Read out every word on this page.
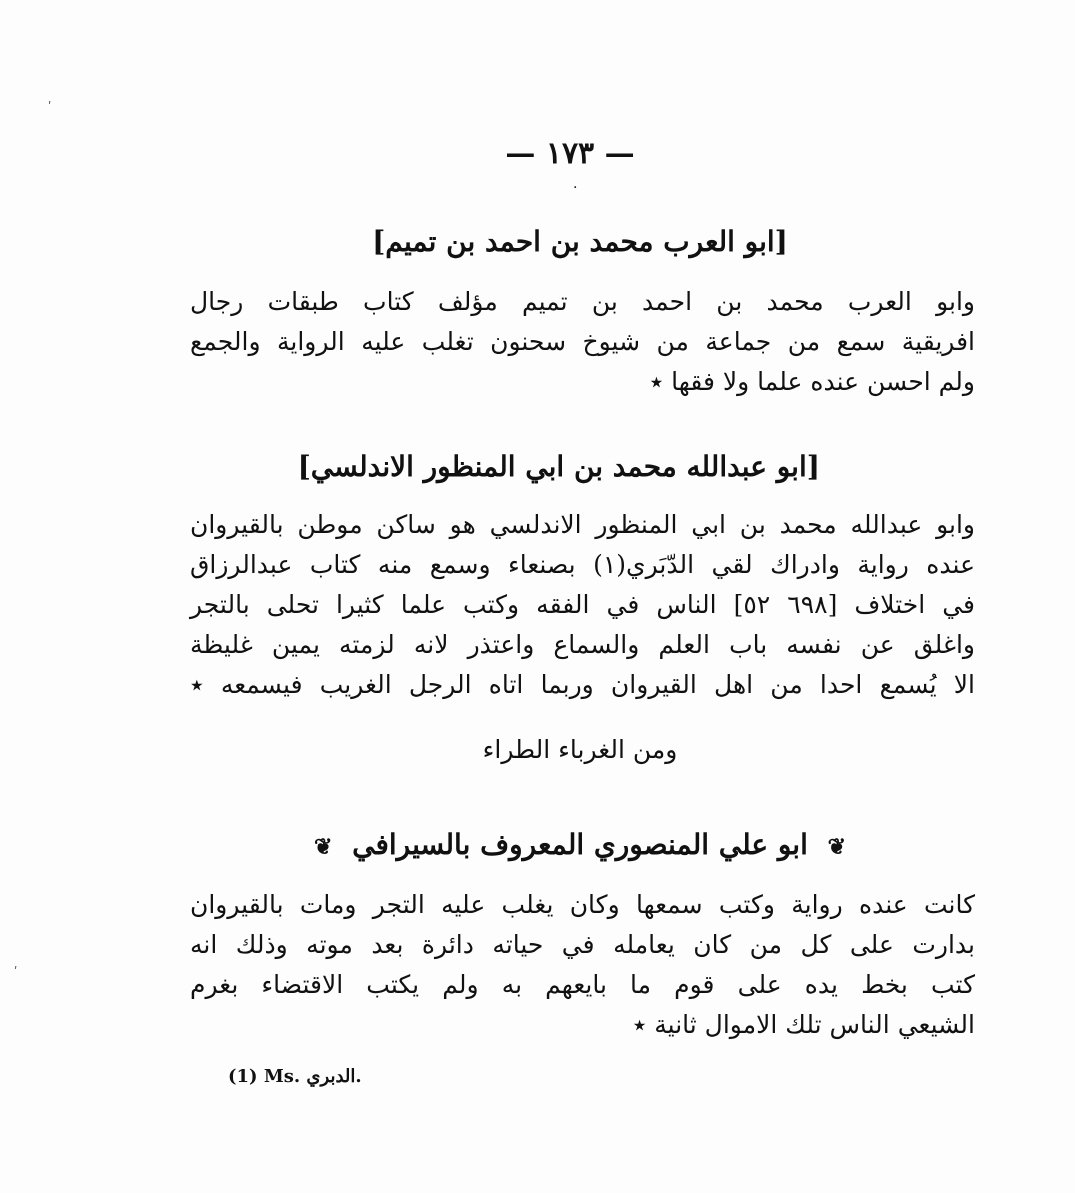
— ١٧٣ —
·
[ابو العرب محمد بن احمد بن تميم]
وابو العرب محمد بن احمد بن تميم مؤلف كتاب طبقات رجال
افريقية سمع من جماعة من شيوخ سحنون تغلب عليه الرواية والجمع
ولم احسن عنده علما ولا فقها ٭
[ابو عبدالله محمد بن ابي المنظور الاندلسي]
وابو عبدالله محمد بن ابي المنظور الاندلسي هو ساكن موطن بالقيروان
عنده رواية وادراك لقي الدّبَري(١) بصنعاء وسمع منه كتاب عبدالرزاق
في اختلاف [٦٩٨ ٥٢] الناس في الفقه وكتب علما كثيرا تحلى بالتجر
واغلق عن نفسه باب العلم والسماع واعتذر لانه لزمته يمين غليظة
الا يُسمع احدا من اهل القيروان وربما اتاه الرجل الغريب فيسمعه ٭
ومن الغرباء الطراء
❦ ابو علي المنصوري المعروف بالسيرافي ❦
كانت عنده رواية وكتب سمعها وكان يغلب عليه التجر ومات بالقيروان
بدارت على كل من كان يعامله في حياته دائرة بعد موته وذلك انه
كتب بخط يده على قوم ما بايعهم به ولم يكتب الاقتضاء بغرم
الشيعي الناس تلك الاموال ثانية ٭
(1) Ms. الدبري.
ʹ
ʹ
